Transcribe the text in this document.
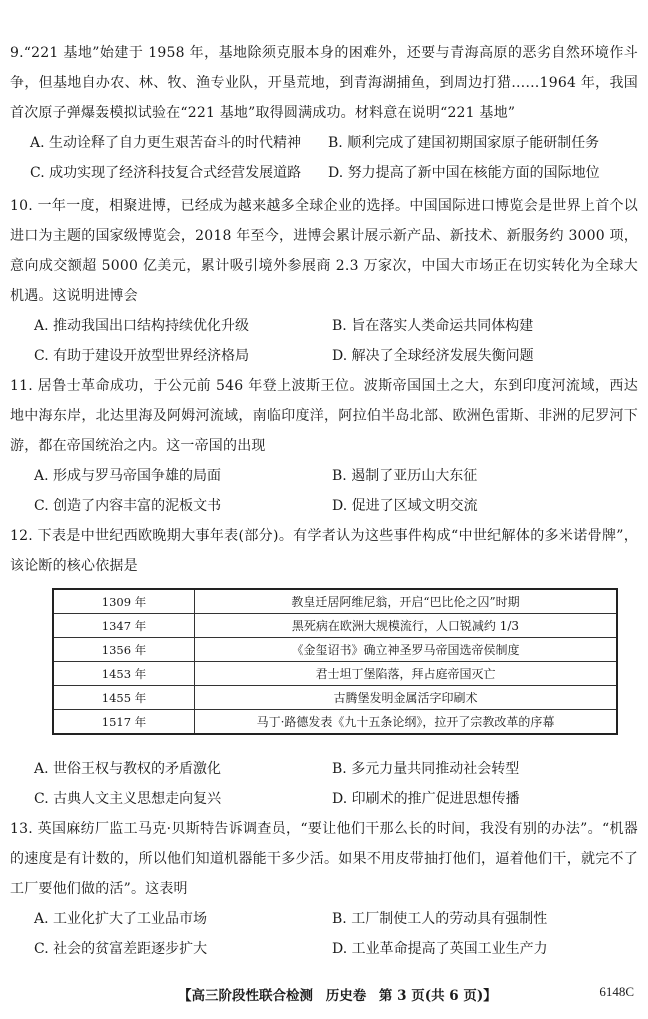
9.“221 基地”始建于 1958 年，基地除须克服本身的困难外，还要与青海高原的恶劣自然环境作斗争，但基地自办农、林、牧、渔专业队，开垦荒地，到青海湖捕鱼，到周边打猎……1964 年，我国首次原子弹爆轰模拟试验在“221 基地”取得圆满成功。材料意在说明“221 基地”
A. 生动诠释了自力更生艰苦奋斗的时代精神	B. 顺利完成了建国初期国家原子能研制任务
C. 成功实现了经济科技复合式经营发展道路	D. 努力提高了新中国在核能方面的国际地位
10. 一年一度，相聚进博，已经成为越来越多全球企业的选择。中国国际进口博览会是世界上首个以进口为主题的国家级博览会，2018 年至今，进博会累计展示新产品、新技术、新服务约 3000 项，意向成交额超 5000 亿美元，累计吸引境外参展商 2.3 万家次，中国大市场正在切实转化为全球大机遇。这说明进博会
A. 推动我国出口结构持续优化升级	B. 旨在落实人类命运共同体构建
C. 有助于建设开放型世界经济格局	D. 解决了全球经济发展失衡问题
11. 居鲁士革命成功，于公元前 546 年登上波斯王位。波斯帝国国土之大，东到印度河流域，西达地中海东岸，北达里海及阿姆河流域，南临印度洋，阿拉伯半岛北部、欧洲色雷斯、非洲的尼罗河下游，都在帝国统治之内。这一帝国的出现
A. 形成与罗马帝国争雄的局面	B. 遏制了亚历山大东征
C. 创造了内容丰富的泥板文书	D. 促进了区域文明交流
12. 下表是中世纪西欧晚期大事年表(部分)。有学者认为这些事件构成“中世纪解体的多米诺骨牌”，该论断的核心依据是
1309 年	教皇迁居阿维尼翁，开启“巴比伦之囚”时期
1347 年	黑死病在欧洲大规模流行，人口锐减约 1/3
1356 年	《金玺诏书》确立神圣罗马帝国选帝侯制度
1453 年	君士坦丁堡陷落，拜占庭帝国灭亡
1455 年	古腾堡发明金属活字印刷术
1517 年	马丁·路德发表《九十五条论纲》，拉开了宗教改革的序幕
A. 世俗王权与教权的矛盾激化	B. 多元力量共同推动社会转型
C. 古典人文主义思想走向复兴	D. 印刷术的推广促进思想传播
13. 英国麻纺厂监工马克·贝斯特告诉调查员，“要让他们干那么长的时间，我没有别的办法”。“机器的速度是有计数的，所以他们知道机器能干多少活。如果不用皮带抽打他们，逼着他们干，就完不了工厂要他们做的活”。这表明
A. 工业化扩大了工业品市场	B. 工厂制使工人的劳动具有强制性
C. 社会的贫富差距逐步扩大	D. 工业革命提高了英国工业生产力
【高三阶段性联合检测 历史卷 第 3 页(共 6 页)】	6148C
